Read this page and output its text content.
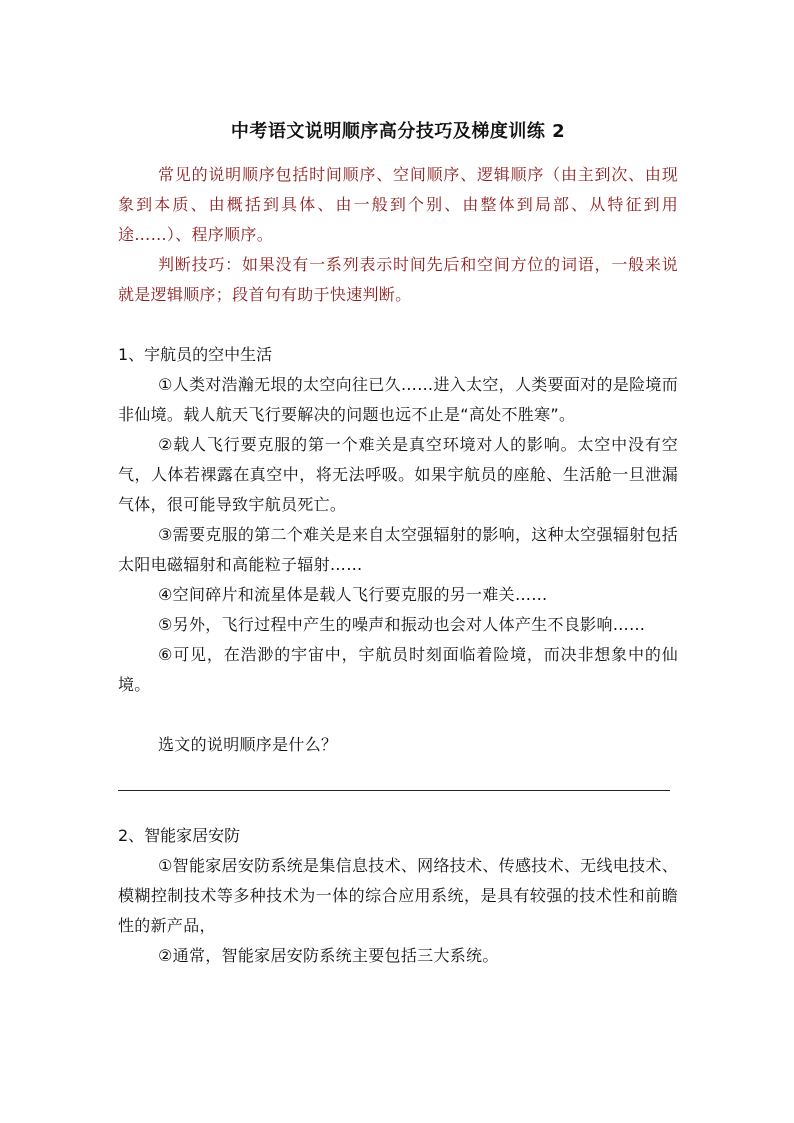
中考语文说明顺序高分技巧及梯度训练 2

常见的说明顺序包括时间顺序、空间顺序、逻辑顺序（由主到次、由现象到本质、由概括到具体、由一般到个别、由整体到局部、从特征到用途……）、程序顺序。

判断技巧：如果没有一系列表示时间先后和空间方位的词语，一般来说就是逻辑顺序；段首句有助于快速判断。

1、宇航员的空中生活

①人类对浩瀚无垠的太空向往已久……进入太空，人类要面对的是险境而非仙境。载人航天飞行要解决的问题也远不止是“高处不胜寒”。

②载人飞行要克服的第一个难关是真空环境对人的影响。太空中没有空气，人体若裸露在真空中，将无法呼吸。如果宇航员的座舱、生活舱一旦泄漏气体，很可能导致宇航员死亡。

③需要克服的第二个难关是来自太空强辐射的影响，这种太空强辐射包括太阳电磁辐射和高能粒子辐射……

④空间碎片和流星体是载人飞行要克服的另一难关……

⑤另外，飞行过程中产生的噪声和振动也会对人体产生不良影响……

⑥可见，在浩渺的宇宙中，宇航员时刻面临着险境，而决非想象中的仙境。

选文的说明顺序是什么？

2、智能家居安防

①智能家居安防系统是集信息技术、网络技术、传感技术、无线电技术、模糊控制技术等多种技术为一体的综合应用系统，是具有较强的技术性和前瞻性的新产品，

②通常，智能家居安防系统主要包括三大系统。
